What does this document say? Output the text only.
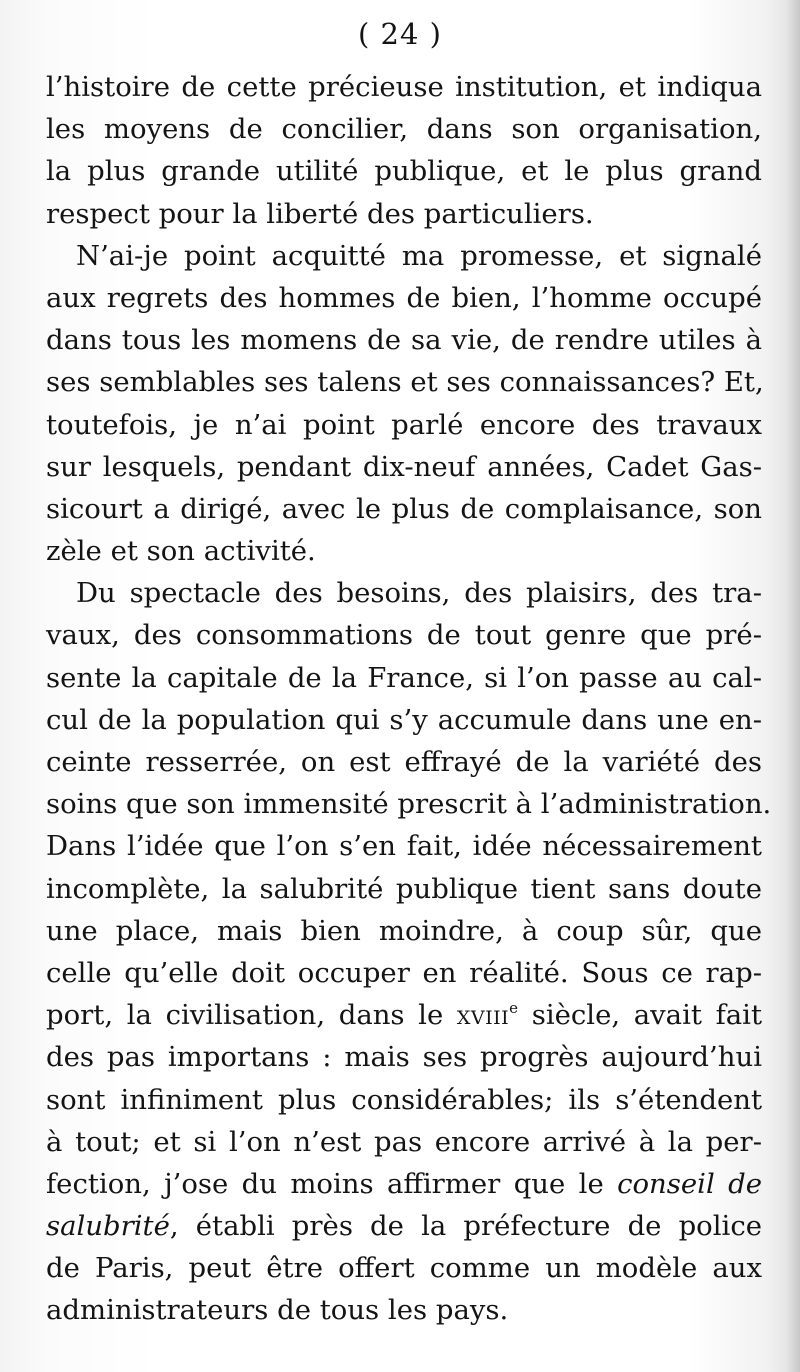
( 24 )
l’histoire de cette précieuse institution, et indiqua
les moyens de concilier, dans son organisation,
la plus grande utilité publique, et le plus grand
respect pour la liberté des particuliers.
N’ai-je point acquitté ma promesse, et signalé
aux regrets des hommes de bien, l’homme occupé
dans tous les momens de sa vie, de rendre utiles à
ses semblables ses talens et ses connaissances? Et,
toutefois, je n’ai point parlé encore des travaux
sur lesquels, pendant dix-neuf années, Cadet Gas-
sicourt a dirigé, avec le plus de complaisance, son
zèle et son activité.
Du spectacle des besoins, des plaisirs, des tra-
vaux, des consommations de tout genre que pré-
sente la capitale de la France, si l’on passe au cal-
cul de la population qui s’y accumule dans une en-
ceinte resserrée, on est effrayé de la variété des
soins que son immensité prescrit à l’administration.
Dans l’idée que l’on s’en fait, idée nécessairement
incomplète, la salubrité publique tient sans doute
une place, mais bien moindre, à coup sûr, que
celle qu’elle doit occuper en réalité. Sous ce rap-
port, la civilisation, dans le xviii$^e$ siècle, avait fait
des pas importans : mais ses progrès aujourd’hui
sont infiniment plus considérables; ils s’étendent
à tout; et si l’on n’est pas encore arrivé à la per-
fection, j’ose du moins affirmer que le conseil de
salubrité, établi près de la préfecture de police
de Paris, peut être offert comme un modèle aux
administrateurs de tous les pays.
